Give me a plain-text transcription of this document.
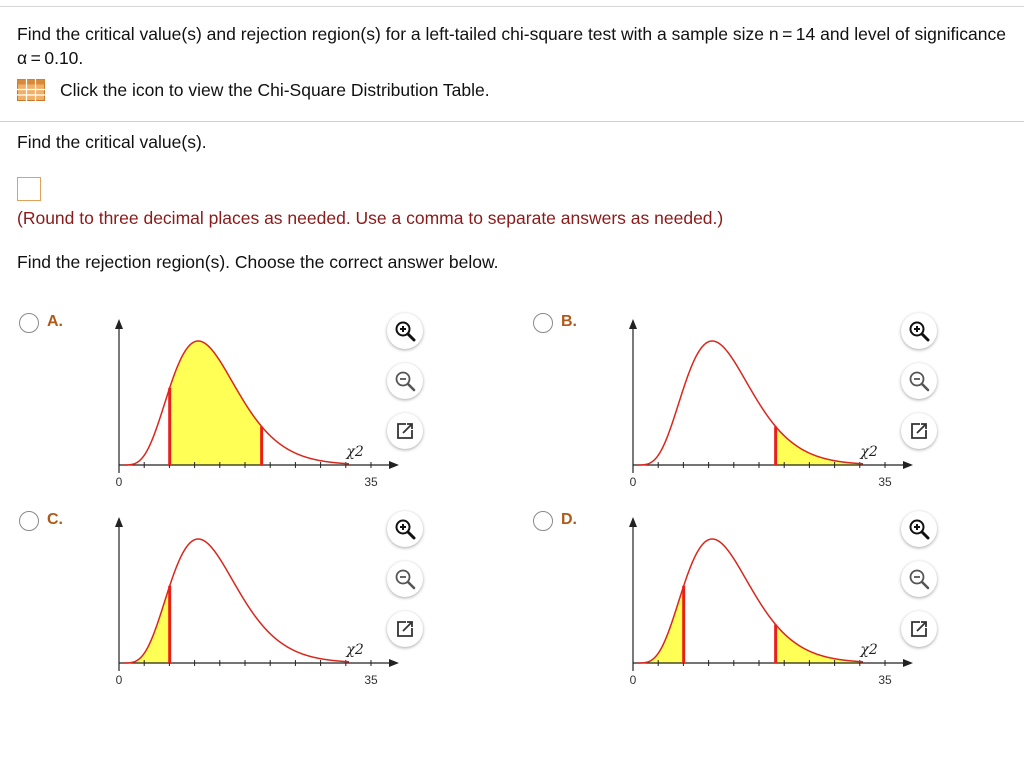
Find the critical value(s) and rejection region(s) for a left-tailed chi-square test with a sample size n = 14 and level of significance α = 0.10.
Click the icon to view the Chi-Square Distribution Table.
Find the critical value(s).
(Round to three decimal places as needed. Use a comma to separate answers as needed.)
Find the rejection region(s). Choose the correct answer below.
A.
0	35
χ2
B.
0	35
χ2
C.
0	35
χ2
D.
0	35
χ2
